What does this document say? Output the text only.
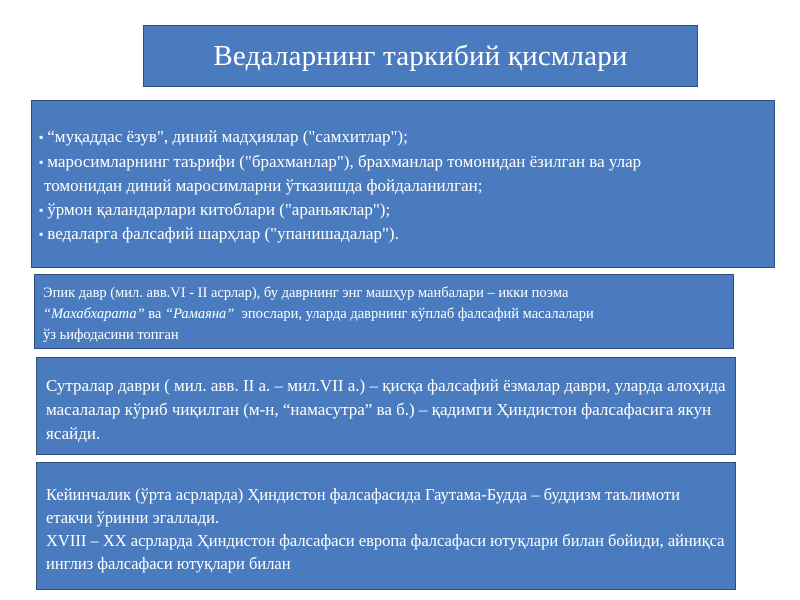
Ведаларнинг таркибий қисмлари
▪ “муқаддас ёзув", диний мадҳиялар ("самхитлар");
▪ маросимларнинг таърифи ("брахманлар"), брахманлар томонидан ёзилган ва улар
томонидан диний маросимларни ўтказишда фойдаланилган;
▪ ўрмон қаландарлари китоблари ("араньяклар");
▪ ведаларга фалсафий шарҳлар ("упанишадалар").
Эпик давр (мил. авв.VI - II асрлар), бу даврнинг энг машҳур манбалари – икки поэма
“Махабхарата” ва “Рамаяна” эпослари, уларда даврнинг кўплаб фалсафий масалалари
ўз ьифодасини топган
Сутралар даври ( мил. авв. II а. – мил.VII а.) – қисқа фалсафий ёзмалар даври, уларда алоҳида масалалар кўриб чиқилган (м-н, “намасутра” ва б.) – қадимги Ҳиндистон фалсафасига якун ясайди.

Кейинчалик (ўрта асрларда) Ҳиндистон фалсафасида Гаутама-Будда – буддизм таълимоти етакчи ўринни эгаллади.

XVIII – XX асрларда Ҳиндистон фалсафаси европа фалсафаси ютуқлари билан бойиди, айниқса инглиз фалсафаси ютуқлари билан
